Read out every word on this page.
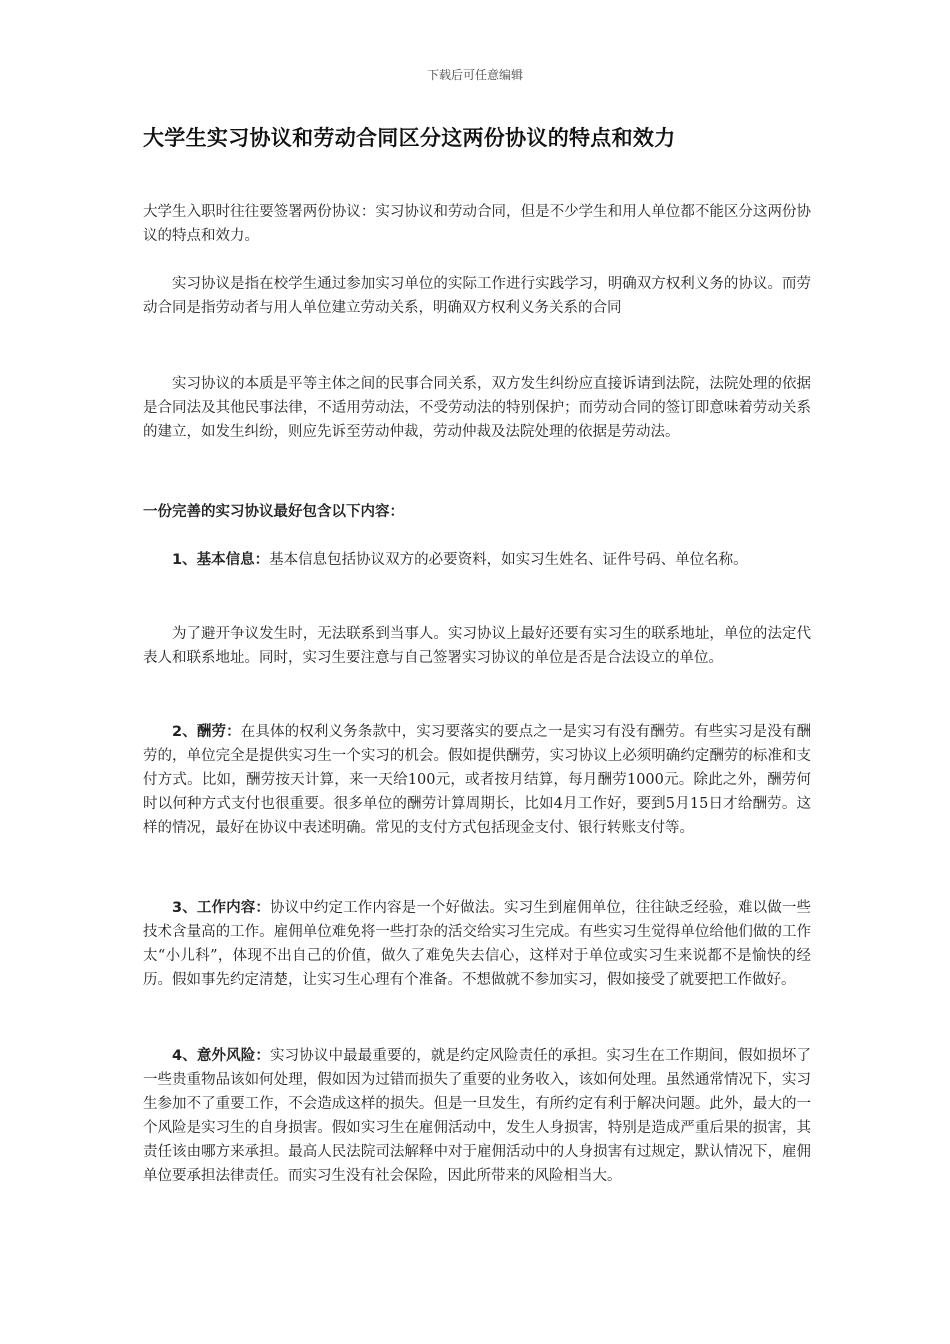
下载后可任意编辑
大学生实习协议和劳动合同区分这两份协议的特点和效力

大学生入职时往往要签署两份协议：实习协议和劳动合同，但是不少学生和用人单位都不能区分这两份协议的特点和效力。

实习协议是指在校学生通过参加实习单位的实际工作进行实践学习，明确双方权利义务的协议。而劳动合同是指劳动者与用人单位建立劳动关系，明确双方权利义务关系的合同

实习协议的本质是平等主体之间的民事合同关系，双方发生纠纷应直接诉请到法院，法院处理的依据是合同法及其他民事法律，不适用劳动法，不受劳动法的特别保护；而劳动合同的签订即意味着劳动关系的建立，如发生纠纷，则应先诉至劳动仲裁，劳动仲裁及法院处理的依据是劳动法。

一份完善的实习协议最好包含以下内容：

1、基本信息：基本信息包括协议双方的必要资料，如实习生姓名、证件号码、单位名称。

为了避开争议发生时，无法联系到当事人。实习协议上最好还要有实习生的联系地址，单位的法定代表人和联系地址。同时，实习生要注意与自己签署实习协议的单位是否是合法设立的单位。

2、酬劳：在具体的权利义务条款中，实习要落实的要点之一是实习有没有酬劳。有些实习是没有酬劳的，单位完全是提供实习生一个实习的机会。假如提供酬劳，实习协议上必须明确约定酬劳的标准和支付方式。比如，酬劳按天计算，来一天给100元，或者按月结算，每月酬劳1000元。除此之外，酬劳何时以何种方式支付也很重要。很多单位的酬劳计算周期长，比如4月工作好，要到5月15日才给酬劳。这样的情况，最好在协议中表述明确。常见的支付方式包括现金支付、银行转账支付等。

3、工作内容：协议中约定工作内容是一个好做法。实习生到雇佣单位，往往缺乏经验，难以做一些技术含量高的工作。雇佣单位难免将一些打杂的活交给实习生完成。有些实习生觉得单位给他们做的工作太“小儿科”，体现不出自己的价值，做久了难免失去信心，这样对于单位或实习生来说都不是愉快的经历。假如事先约定清楚，让实习生心理有个准备。不想做就不参加实习，假如接受了就要把工作做好。

4、意外风险：实习协议中最最重要的，就是约定风险责任的承担。实习生在工作期间，假如损坏了一些贵重物品该如何处理，假如因为过错而损失了重要的业务收入，该如何处理。虽然通常情况下，实习生参加不了重要工作，不会造成这样的损失。但是一旦发生，有所约定有利于解决问题。此外，最大的一个风险是实习生的自身损害。假如实习生在雇佣活动中，发生人身损害，特别是造成严重后果的损害，其责任该由哪方来承担。最高人民法院司法解释中对于雇佣活动中的人身损害有过规定，默认情况下，雇佣单位要承担法律责任。而实习生没有社会保险，因此所带来的风险相当大。
